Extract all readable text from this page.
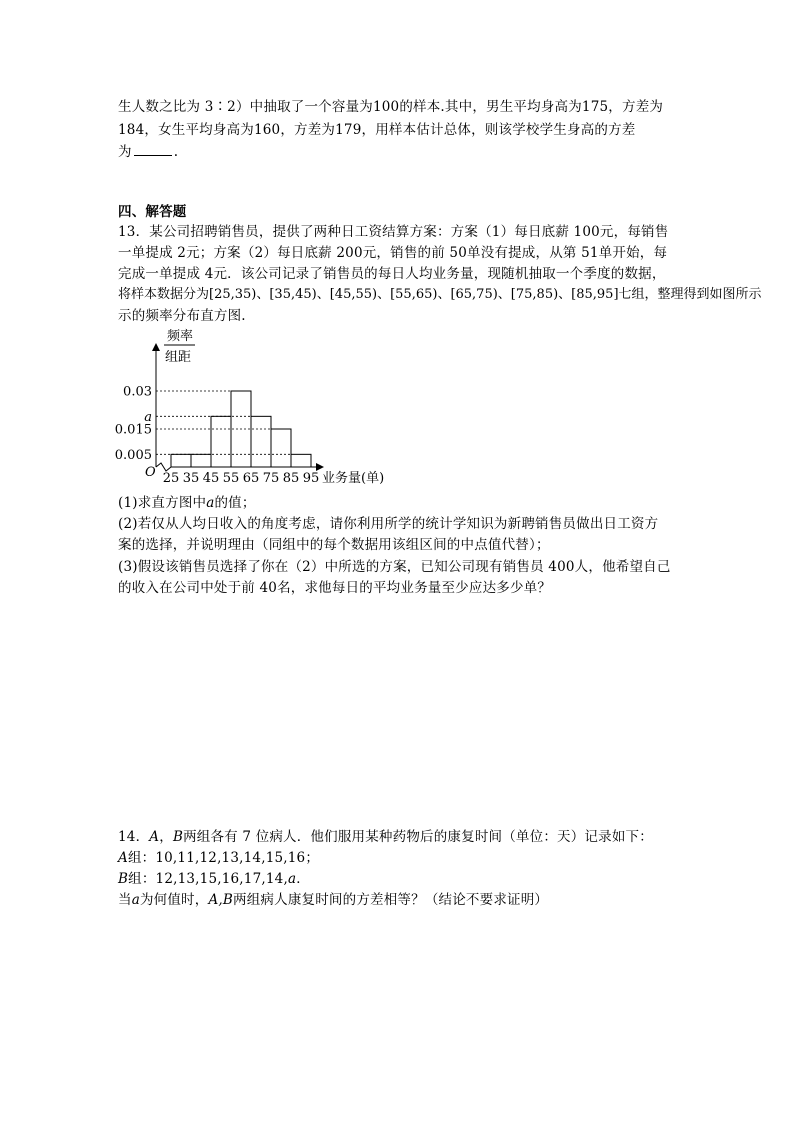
生人数之比为 3∶2）中抽取了一个容量为100的样本.其中，男生平均身高为175，方差为
184，女生平均身高为160，方差为179，用样本估计总体，则该学校学生身高的方差
为	.
四、解答题
13．某公司招聘销售员，提供了两种日工资结算方案：方案（1）每日底薪 100元，每销售
一单提成 2元；方案（2）每日底薪 200元，销售的前 50单没有提成，从第 51单开始，每
完成一单提成 4元．该公司记录了销售员的每日人均业务量，现随机抽取一个季度的数据，
将样本数据分为[25,35)、[35,45)、[45,55)、[55,65)、[65,75)、[75,85)、[85,95]七组，整理得到如图所示
示的频率分布直方图.
频率
组距
O
0.005
0.015
a
0.03
25 35 45 55 65 75 85 95 业务量(单)
(1)求直方图中a的值；
(2)若仅从人均日收入的角度考虑，请你利用所学的统计学知识为新聘销售员做出日工资方
案的选择，并说明理由（同组中的每个数据用该组区间的中点值代替）；
(3)假设该销售员选择了你在（2）中所选的方案，已知公司现有销售员 400人，他希望自己
的收入在公司中处于前 40名，求他每日的平均业务量至少应达多少单？
14．A，B两组各有 7 位病人．他们服用某种药物后的康复时间（单位：天）记录如下：
A组：10,11,12,13,14,15,16；
B组：12,13,15,16,17,14,a．
当a为何值时，A,B两组病人康复时间的方差相等？（结论不要求证明）
